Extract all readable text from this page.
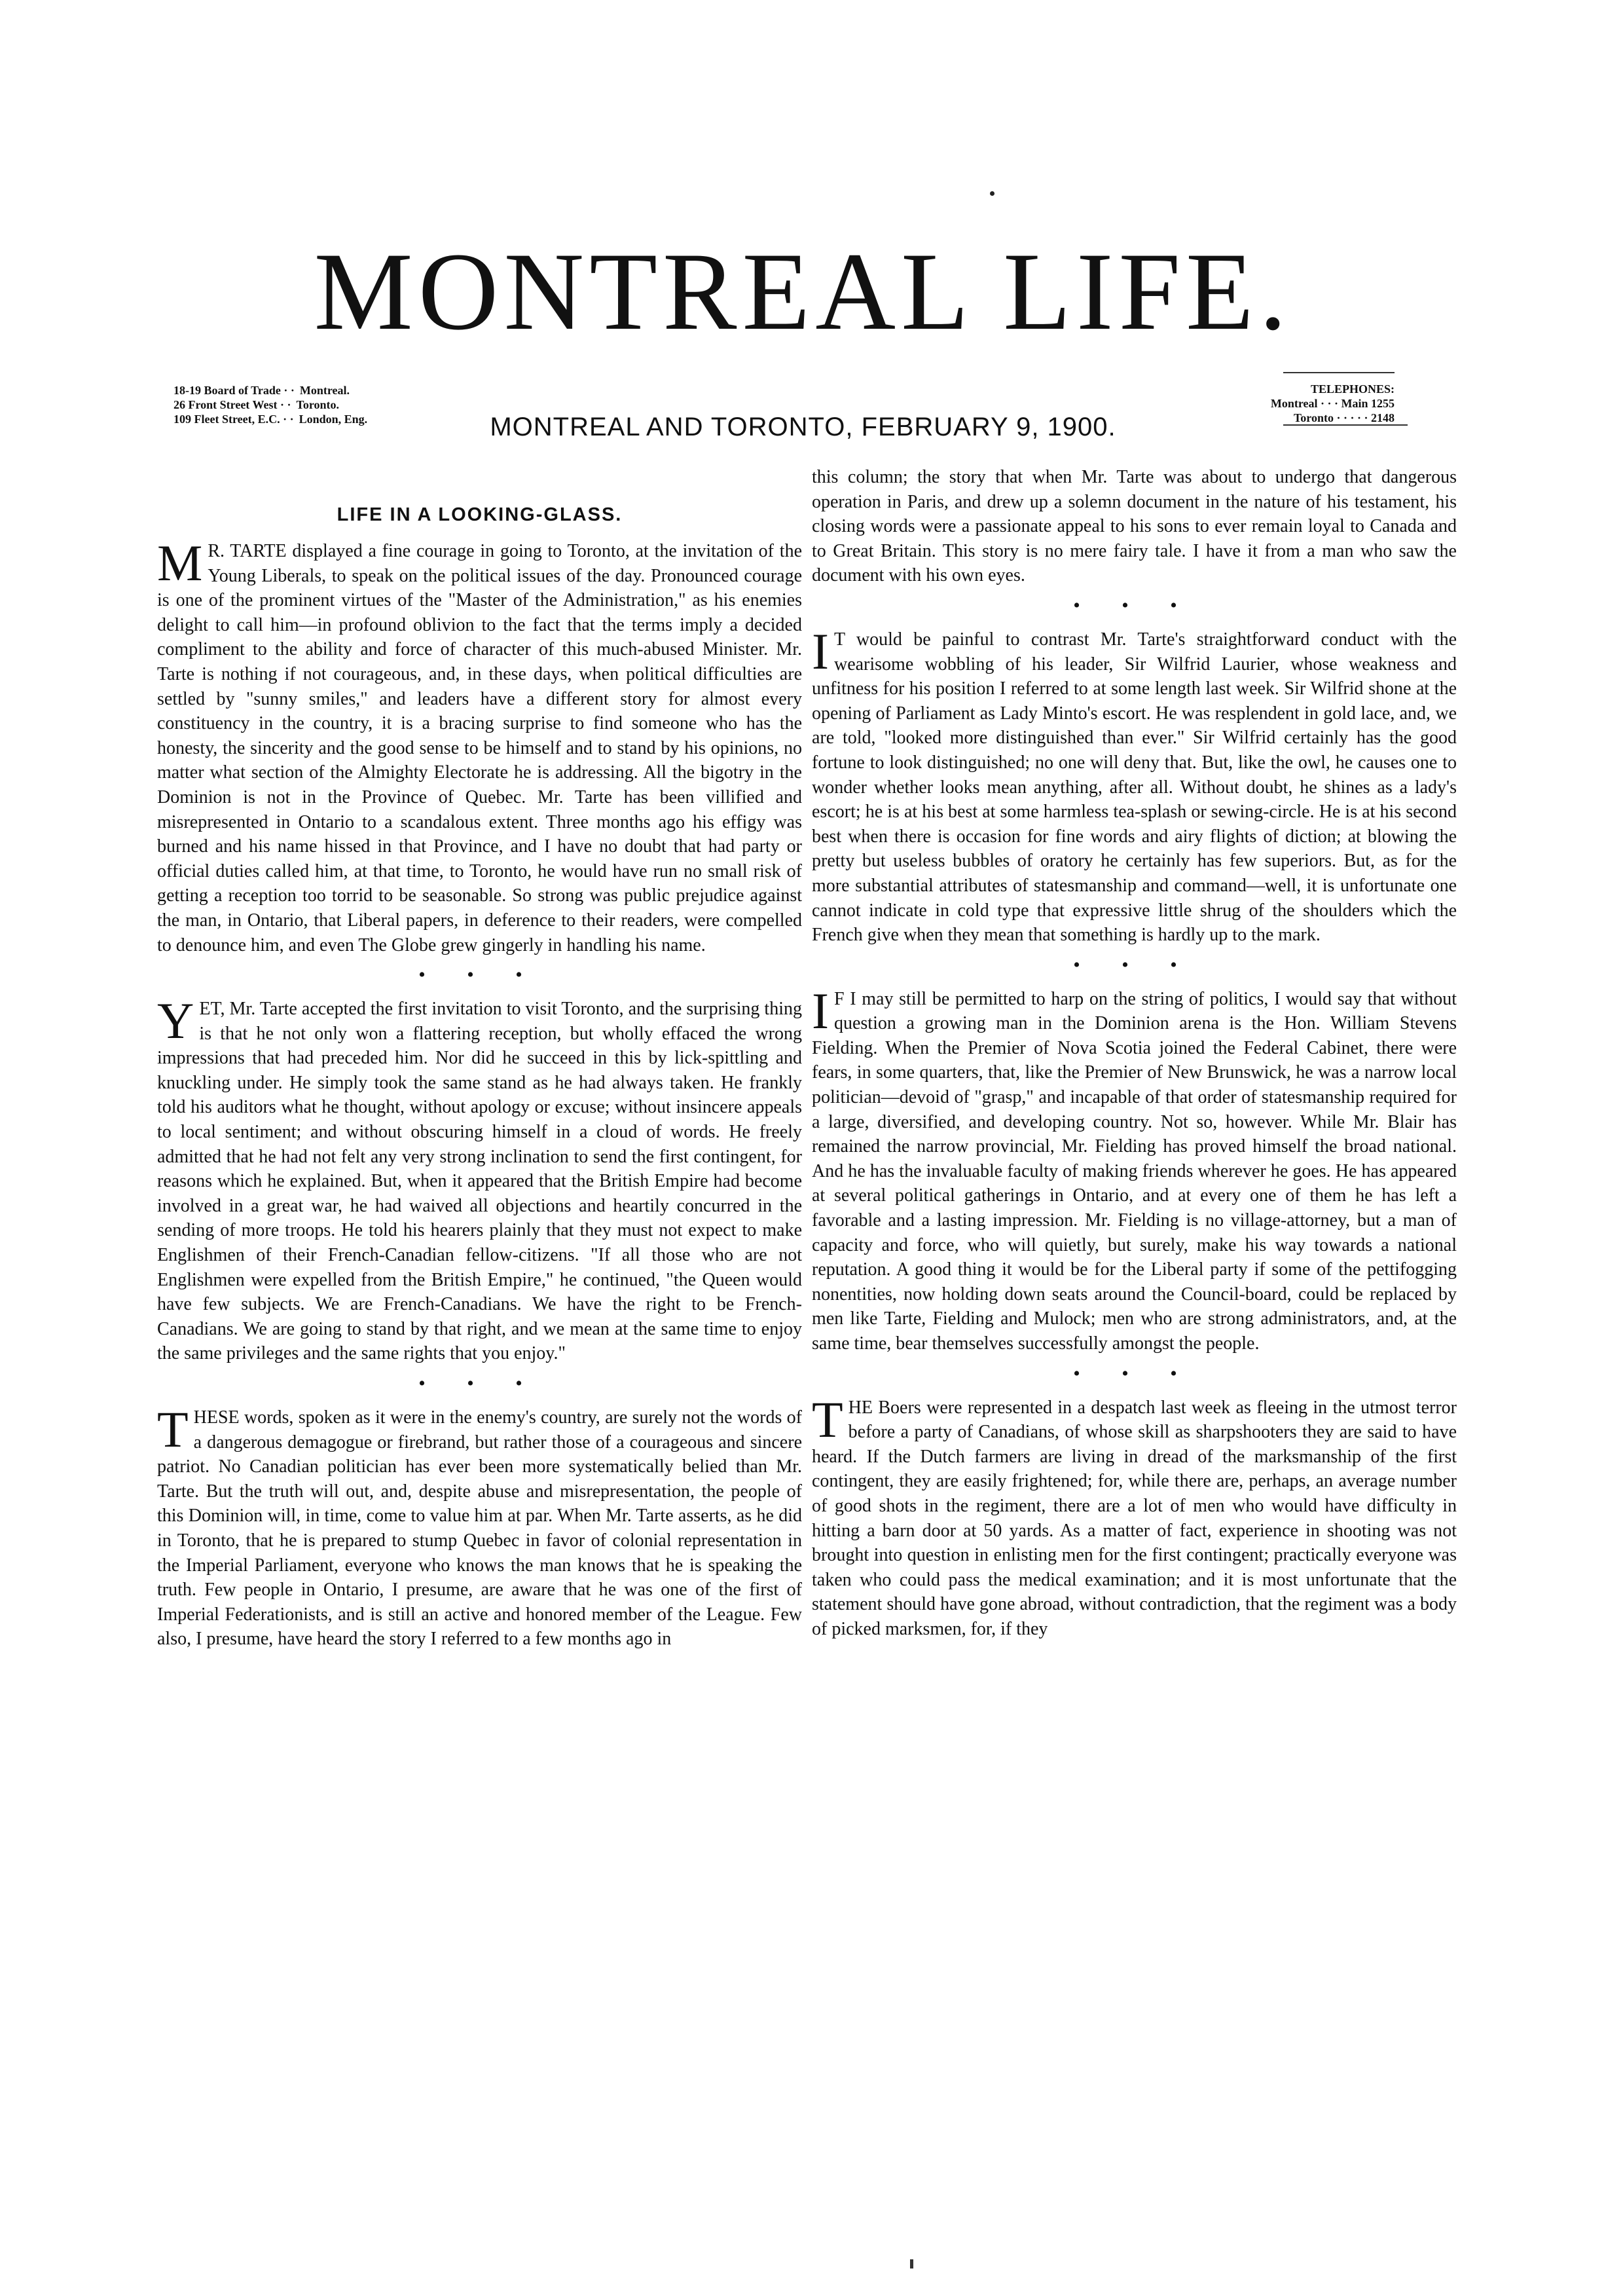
MONTREAL LIFE.
18-19 Board of Trade · · Montreal.
26 Front Street West · · Toronto.
109 Fleet Street, E.C. · · London, Eng.	MONTREAL AND TORONTO, FEBRUARY 9, 1900.
TELEPHONES:
Montreal · · · Main 1255
Toronto · · · · · 2148
LIFE IN A LOOKING-GLASS.

MR. TARTE displayed a fine courage in going to Toronto, at the invitation of the Young Liberals, to speak on the political issues of the day. Pronounced courage is one of the prominent virtues of the "Master of the Administration," as his enemies delight to call him—in profound oblivion to the fact that the terms imply a decided compliment to the ability and force of character of this much-abused Minister. Mr. Tarte is nothing if not courageous, and, in these days, when political difficulties are settled by "sunny smiles," and leaders have a different story for almost every constituency in the country, it is a bracing surprise to find someone who has the honesty, the sincerity and the good sense to be himself and to stand by his opinions, no matter what section of the Almighty Electorate he is addressing. All the bigotry in the Dominion is not in the Province of Quebec. Mr. Tarte has been villified and misrepresented in Ontario to a scandalous extent. Three months ago his effigy was burned and his name hissed in that Province, and I have no doubt that had party or official duties called him, at that time, to Toronto, he would have run no small risk of getting a reception too torrid to be seasonable. So strong was public prejudice against the man, in Ontario, that Liberal papers, in deference to their readers, were compelled to denounce him, and even The Globe grew gingerly in handling his name.

• • •

YET, Mr. Tarte accepted the first invitation to visit Toronto, and the surprising thing is that he not only won a flattering reception, but wholly effaced the wrong impressions that had preceded him. Nor did he succeed in this by lick-spittling and knuckling under. He simply took the same stand as he had always taken. He frankly told his auditors what he thought, without apology or excuse; without insincere appeals to local sentiment; and without obscuring himself in a cloud of words. He freely admitted that he had not felt any very strong inclination to send the first contingent, for reasons which he explained. But, when it appeared that the British Empire had become involved in a great war, he had waived all objections and heartily concurred in the sending of more troops. He told his hearers plainly that they must not expect to make Englishmen of their French-Canadian fellow-citizens. "If all those who are not Englishmen were expelled from the British Empire," he continued, "the Queen would have few subjects. We are French-Canadians. We have the right to be French-Canadians. We are going to stand by that right, and we mean at the same time to enjoy the same privileges and the same rights that you enjoy."

• • •

THESE words, spoken as it were in the enemy's country, are surely not the words of a dangerous demagogue or firebrand, but rather those of a courageous and sincere patriot. No Canadian politician has ever been more systematically belied than Mr. Tarte. But the truth will out, and, despite abuse and misrepresentation, the people of this Dominion will, in time, come to value him at par. When Mr. Tarte asserts, as he did in Toronto, that he is prepared to stump Quebec in favor of colonial representation in the Imperial Parliament, everyone who knows the man knows that he is speaking the truth. Few people in Ontario, I presume, are aware that he was one of the first of Imperial Federationists, and is still an active and honored member of the League. Few also, I presume, have heard the story I referred to a few months ago in

this column; the story that when Mr. Tarte was about to undergo that dangerous operation in Paris, and drew up a solemn document in the nature of his testament, his closing words were a passionate appeal to his sons to ever remain loyal to Canada and to Great Britain. This story is no mere fairy tale. I have it from a man who saw the document with his own eyes.

• • •

IT would be painful to contrast Mr. Tarte's straightforward conduct with the wearisome wobbling of his leader, Sir Wilfrid Laurier, whose weakness and unfitness for his position I referred to at some length last week. Sir Wilfrid shone at the opening of Parliament as Lady Minto's escort. He was resplendent in gold lace, and, we are told, "looked more distinguished than ever." Sir Wilfrid certainly has the good fortune to look distinguished; no one will deny that. But, like the owl, he causes one to wonder whether looks mean anything, after all. Without doubt, he shines as a lady's escort; he is at his best at some harmless tea-splash or sewing-circle. He is at his second best when there is occasion for fine words and airy flights of diction; at blowing the pretty but useless bubbles of oratory he certainly has few superiors. But, as for the more substantial attributes of statesmanship and command—well, it is unfortunate one cannot indicate in cold type that expressive little shrug of the shoulders which the French give when they mean that something is hardly up to the mark.

• • •

IF I may still be permitted to harp on the string of politics, I would say that without question a growing man in the Dominion arena is the Hon. William Stevens Fielding. When the Premier of Nova Scotia joined the Federal Cabinet, there were fears, in some quarters, that, like the Premier of New Brunswick, he was a narrow local politician—devoid of "grasp," and incapable of that order of statesmanship required for a large, diversified, and developing country. Not so, however. While Mr. Blair has remained the narrow provincial, Mr. Fielding has proved himself the broad national. And he has the invaluable faculty of making friends wherever he goes. He has appeared at several political gatherings in Ontario, and at every one of them he has left a favorable and a lasting impression. Mr. Fielding is no village-attorney, but a man of capacity and force, who will quietly, but surely, make his way towards a national reputation. A good thing it would be for the Liberal party if some of the pettifogging nonentities, now holding down seats around the Council-board, could be replaced by men like Tarte, Fielding and Mulock; men who are strong administrators, and, at the same time, bear themselves successfully amongst the people.

• • •

THE Boers were represented in a despatch last week as fleeing in the utmost terror before a party of Canadians, of whose skill as sharpshooters they are said to have heard. If the Dutch farmers are living in dread of the marksmanship of the first contingent, they are easily frightened; for, while there are, perhaps, an average number of good shots in the regiment, there are a lot of men who would have difficulty in hitting a barn door at 50 yards. As a matter of fact, experience in shooting was not brought into question in enlisting men for the first contingent; practically everyone was taken who could pass the medical examination; and it is most unfortunate that the statement should have gone abroad, without contradiction, that the regiment was a body of picked marksmen, for, if they
